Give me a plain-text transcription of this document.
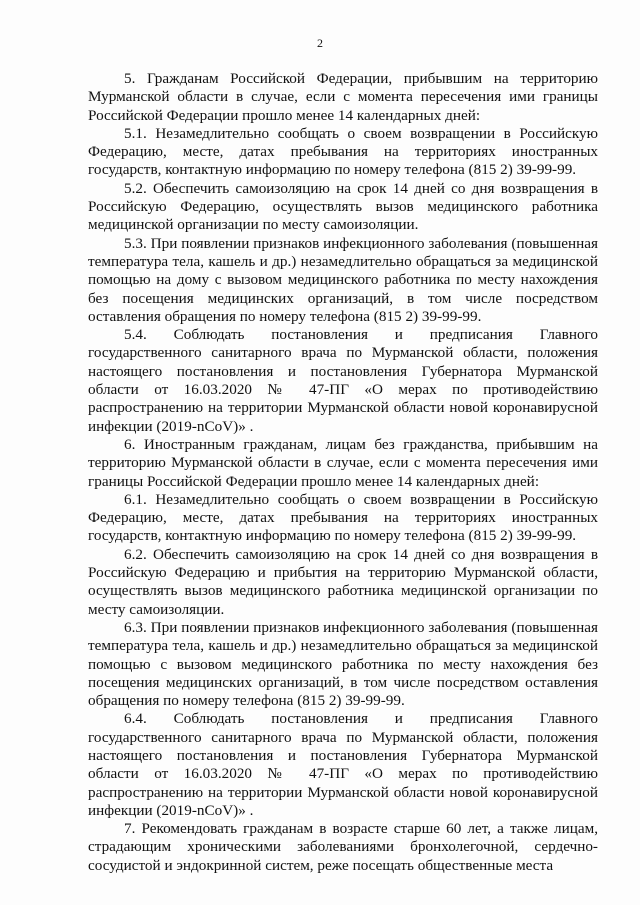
2

5. Гражданам Российской Федерации, прибывшим на территорию Мурманской области в случае, если с момента пересечения ими границы Российской Федерации прошло менее 14 календарных дней:

5.1. Незамедлительно сообщать о своем возвращении в Российскую Федерацию, месте, датах пребывания на территориях иностранных государств, контактную информацию по номеру телефона (815 2) 39-99-99.

5.2. Обеспечить самоизоляцию на срок 14 дней со дня возвращения в Российскую Федерацию, осуществлять вызов медицинского работника медицинской организации по месту самоизоляции.

5.3. При появлении признаков инфекционного заболевания (повышенная температура тела, кашель и др.) незамедлительно обращаться за медицинской помощью на дому с вызовом медицинского работника по месту нахождения без посещения медицинских организаций, в том числе посредством оставления обращения по номеру телефона (815 2) 39-99-99.

5.4. Соблюдать постановления и предписания Главного государственного санитарного врача по Мурманской области, положения настоящего постановления и постановления Губернатора Мурманской области от 16.03.2020 № 47-ПГ «О мерах по противодействию распространению на территории Мурманской области новой коронавирусной инфекции (2019-nCoV)» .

6. Иностранным гражданам, лицам без гражданства, прибывшим на территорию Мурманской области в случае, если с момента пересечения ими границы Российской Федерации прошло менее 14 календарных дней:

6.1. Незамедлительно сообщать о своем возвращении в Российскую Федерацию, месте, датах пребывания на территориях иностранных государств, контактную информацию по номеру телефона (815 2) 39-99-99.

6.2. Обеспечить самоизоляцию на срок 14 дней со дня возвращения в Российскую Федерацию и прибытия на территорию Мурманской области, осуществлять вызов медицинского работника медицинской организации по месту самоизоляции.

6.3. При появлении признаков инфекционного заболевания (повышенная температура тела, кашель и др.) незамедлительно обращаться за медицинской помощью с вызовом медицинского работника по месту нахождения без посещения медицинских организаций, в том числе посредством оставления обращения по номеру телефона (815 2) 39-99-99.

6.4. Соблюдать постановления и предписания Главного государственного санитарного врача по Мурманской области, положения настоящего постановления и постановления Губернатора Мурманской области от 16.03.2020 № 47-ПГ «О мерах по противодействию распространению на территории Мурманской области новой коронавирусной инфекции (2019-nCoV)» .

7. Рекомендовать гражданам в возрасте старше 60 лет, а также лицам, страдающим хроническими заболеваниями бронхолегочной, сердечно-сосудистой и эндокринной систем, реже посещать общественные места
